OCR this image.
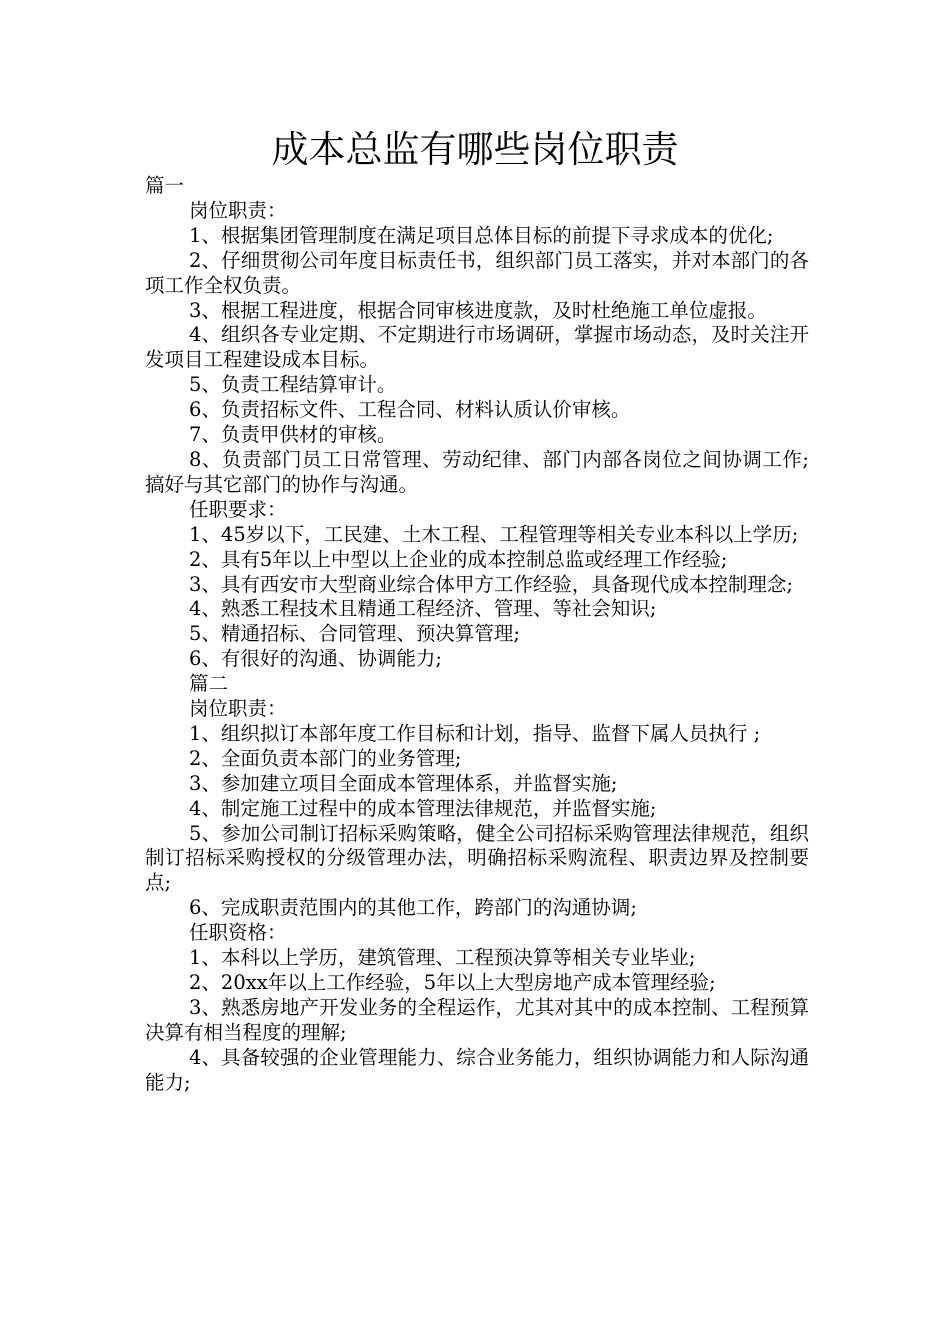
成本总监有哪些岗位职责

篇一

岗位职责：

1、根据集团管理制度在满足项目总体目标的前提下寻求成本的优化;

2、仔细贯彻公司年度目标责任书，组织部门员工落实，并对本部门的各项工作全权负责。

3、根据工程进度，根据合同审核进度款，及时杜绝施工单位虚报。

4、组织各专业定期、不定期进行市场调研，掌握市场动态，及时关注开发项目工程建设成本目标。

5、负责工程结算审计。

6、负责招标文件、工程合同、材料认质认价审核。

7、负责甲供材的审核。

8、负责部门员工日常管理、劳动纪律、部门内部各岗位之间协调工作;搞好与其它部门的协作与沟通。

任职要求：

1、45岁以下，工民建、土木工程、工程管理等相关专业本科以上学历;

2、具有5年以上中型以上企业的成本控制总监或经理工作经验;

3、具有西安市大型商业综合体甲方工作经验，具备现代成本控制理念;

4、熟悉工程技术且精通工程经济、管理、等社会知识;

5、精通招标、合同管理、预决算管理;

6、有很好的沟通、协调能力;

篇二

岗位职责：

1、组织拟订本部年度工作目标和计划，指导、监督下属人员执行 ;

2、全面负责本部门的业务管理;

3、参加建立项目全面成本管理体系，并监督实施;

4、制定施工过程中的成本管理法律规范，并监督实施;

5、参加公司制订招标采购策略，健全公司招标采购管理法律规范，组织制订招标采购授权的分级管理办法，明确招标采购流程、职责边界及控制要点;

6、完成职责范围内的其他工作，跨部门的沟通协调;

任职资格：

1、本科以上学历，建筑管理、工程预决算等相关专业毕业;

2、20xx年以上工作经验，5年以上大型房地产成本管理经验;

3、熟悉房地产开发业务的全程运作，尤其对其中的成本控制、工程预算决算有相当程度的理解;

4、具备较强的企业管理能力、综合业务能力，组织协调能力和人际沟通能力;
